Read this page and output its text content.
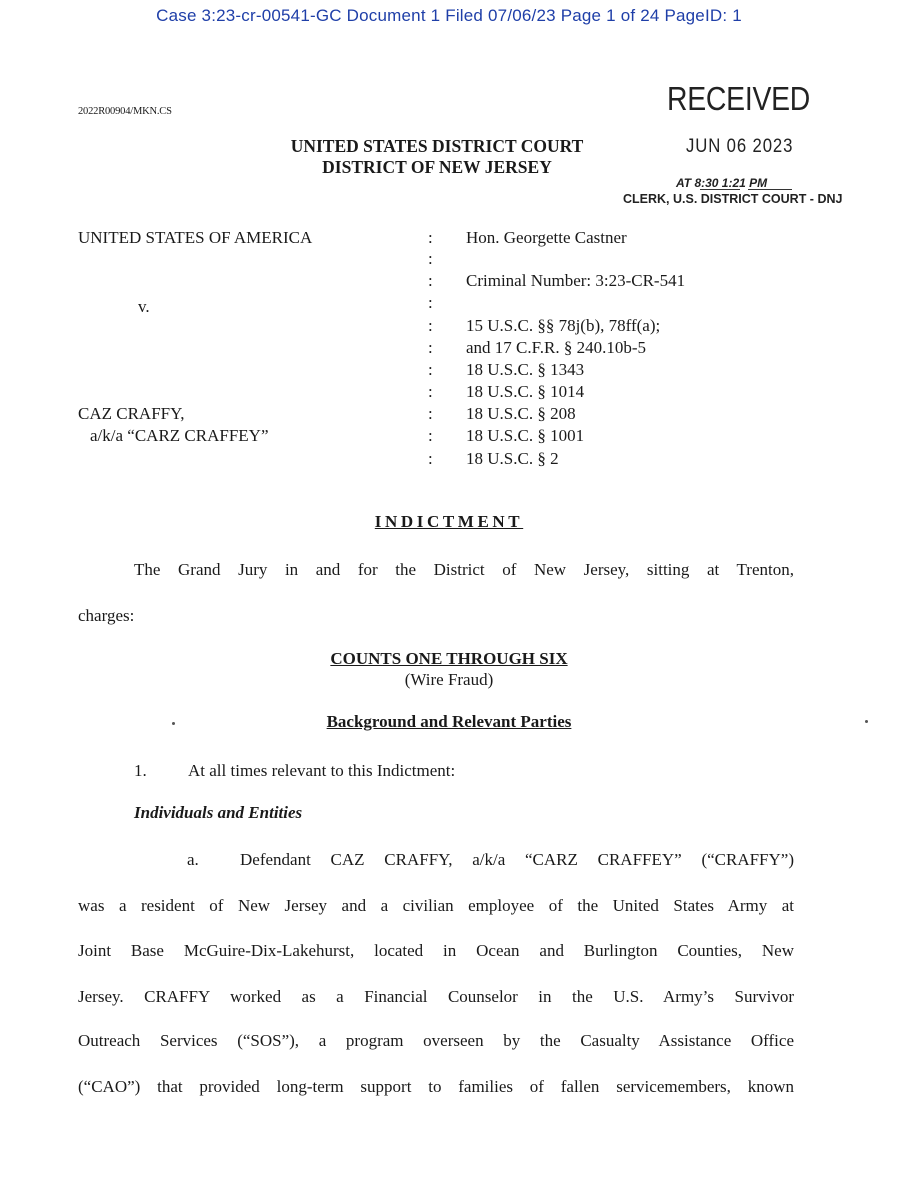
Case 3:23-cr-00541-GC Document 1 Filed 07/06/23 Page 1 of 24 PageID: 1
2022R00904/MKN.CS	RECEIVED
JUN 06 2023
AT 8:30 1:21 PM
CLERK, U.S. DISTRICT COURT - DNJ
UNITED STATES DISTRICT COURT
DISTRICT OF NEW JERSEY
UNITED STATES OF AMERICA
v.
CAZ CRAFFY,
a/k/a “CARZ CRAFFEY”
:
:
:
:
:
:
:
:
:
:
:
Hon. Georgette Castner
Criminal Number: 3:23-CR-541
15 U.S.C. §§ 78j(b), 78ff(a);
and 17 C.F.R. § 240.10b-5
18 U.S.C. § 1343
18 U.S.C. § 1014
18 U.S.C. § 208
18 U.S.C. § 1001
18 U.S.C. § 2
INDICTMENT
The Grand Jury in and for the District of New Jersey, sitting at Trenton,
charges:
COUNTS ONE THROUGH SIX
(Wire Fraud)
Background and Relevant Parties
1. At all times relevant to this Indictment:
Individuals and Entities
a. Defendant CAZ CRAFFY, a/k/a “CARZ CRAFFEY” (“CRAFFY”)
was a resident of New Jersey and a civilian employee of the United States Army at
Joint Base McGuire-Dix-Lakehurst, located in Ocean and Burlington Counties, New
Jersey. CRAFFY worked as a Financial Counselor in the U.S. Army’s Survivor
Outreach Services (“SOS”), a program overseen by the Casualty Assistance Office
(“CAO”) that provided long-term support to families of fallen servicemembers, known
